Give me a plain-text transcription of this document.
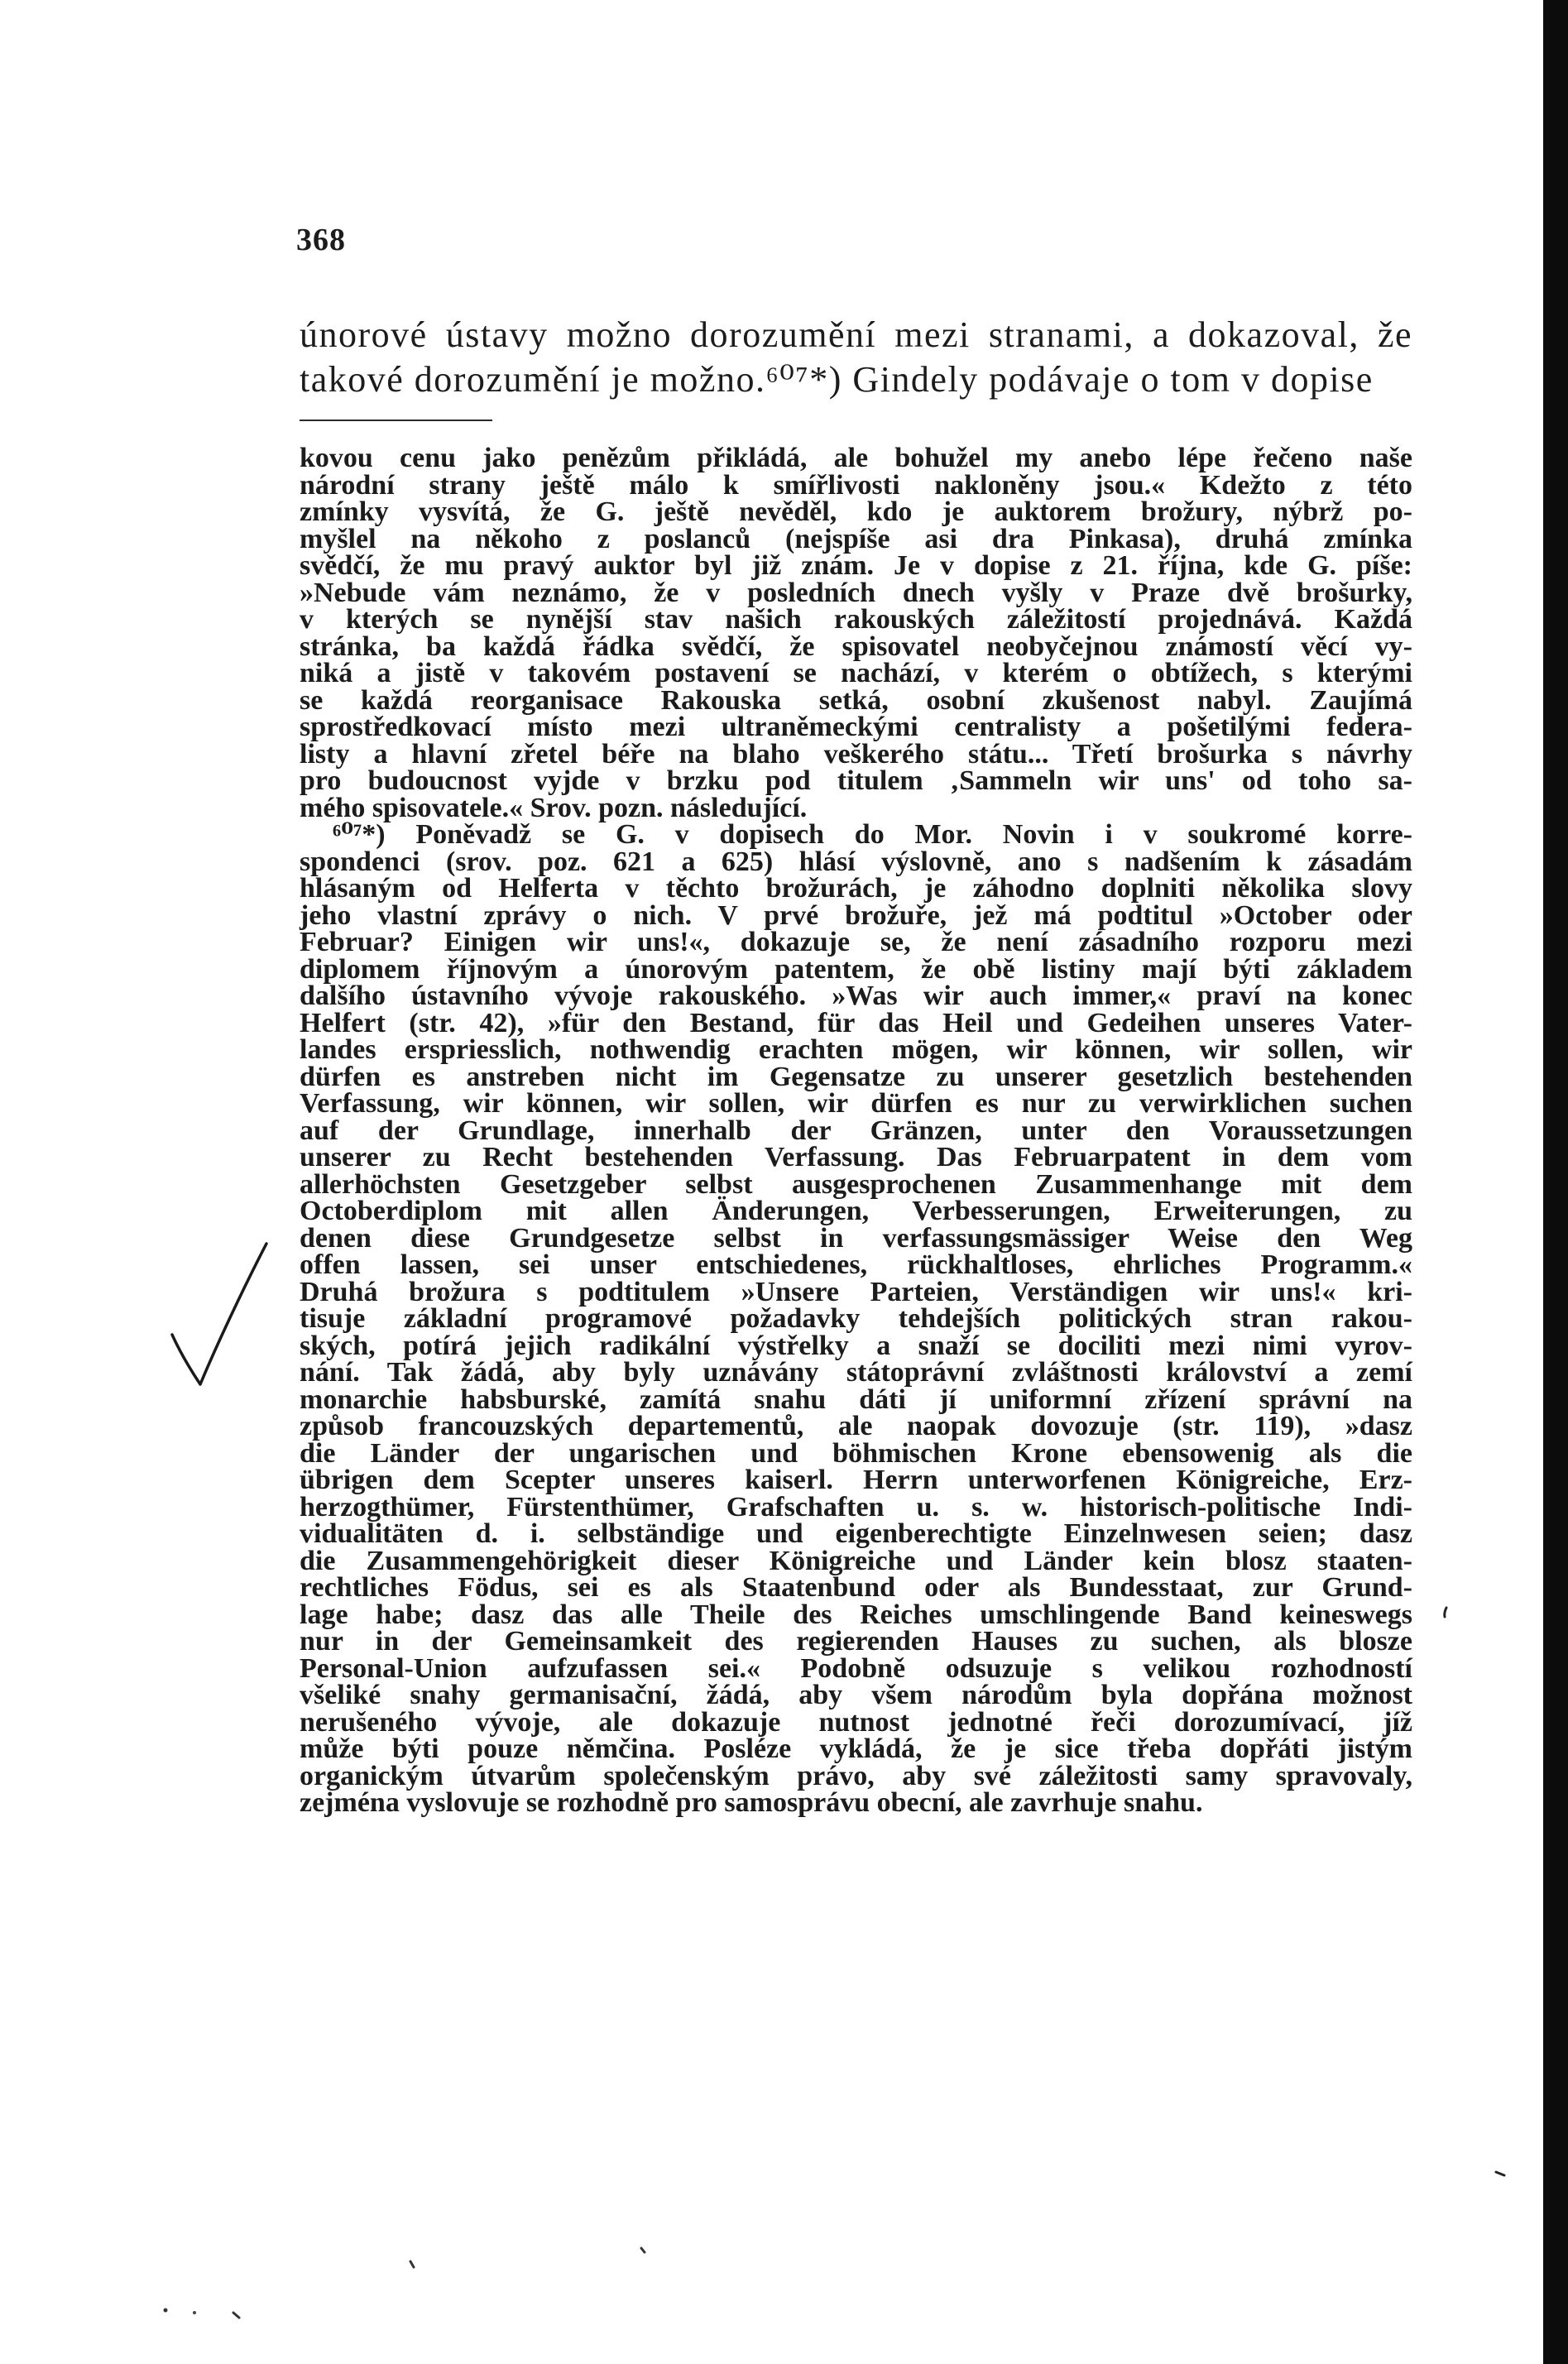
368
únorové ústavy možno dorozumění mezi stranami, a dokazoval, že
takové dorozumění je možno.⁶⁰⁷*) Gindely podávaje o tom v dopise
kovou cenu jako penězům přikládá, ale bohužel my anebo lépe řečeno naše
národní strany ještě málo k smířlivosti nakloněny jsou.« Kdežto z této
zmínky vysvítá, že G. ještě nevěděl, kdo je auktorem brožury, nýbrž po-
myšlel na někoho z poslanců (nejspíše asi dra Pinkasa), druhá zmínka
svědčí, že mu pravý auktor byl již znám. Je v dopise z 21. října, kde G. píše:
»Nebude vám neznámo, že v posledních dnech vyšly v Praze dvě brošurky,
v kterých se nynější stav našich rakouských záležitostí projednává. Každá
stránka, ba každá řádka svědčí, že spisovatel neobyčejnou známostí věcí vy-
niká a jistě v takovém postavení se nachází, v kterém o obtížech, s kterými
se každá reorganisace Rakouska setká, osobní zkušenost nabyl. Zaujímá
sprostředkovací místo mezi ultraněmeckými centralisty a pošetilými federa-
listy a hlavní zřetel béře na blaho veškerého státu... Třetí brošurka s návrhy
pro budoucnost vyjde v brzku pod titulem ‚Sammeln wir uns' od toho sa-
mého spisovatele.« Srov. pozn. následující.
⁶⁰⁷*) Poněvadž se G. v dopisech do Mor. Novin i v soukromé korre-
spondenci (srov. poz. 621 a 625) hlásí výslovně, ano s nadšením k zásadám
hlásaným od Helferta v těchto brožurách, je záhodno doplniti několika slovy
jeho vlastní zprávy o nich. V prvé brožuře, jež má podtitul »October oder
Februar? Einigen wir uns!«, dokazuje se, že není zásadního rozporu mezi
diplomem říjnovým a únorovým patentem, že obě listiny mají býti základem
dalšího ústavního vývoje rakouského. »Was wir auch immer,« praví na konec
Helfert (str. 42), »für den Bestand, für das Heil und Gedeihen unseres Vater-
landes erspriesslich, nothwendig erachten mögen, wir können, wir sollen, wir
dürfen es anstreben nicht im Gegensatze zu unserer gesetzlich bestehenden
Verfassung, wir können, wir sollen, wir dürfen es nur zu verwirklichen suchen
auf der Grundlage, innerhalb der Gränzen, unter den Voraussetzungen
unserer zu Recht bestehenden Verfassung. Das Februarpatent in dem vom
allerhöchsten Gesetzgeber selbst ausgesprochenen Zusammenhange mit dem
Octoberdiplom mit allen Änderungen, Verbesserungen, Erweiterungen, zu
denen diese Grundgesetze selbst in verfassungsmässiger Weise den Weg
offen lassen, sei unser entschiedenes, rückhaltloses, ehrliches Programm.«
Druhá brožura s podtitulem »Unsere Parteien, Verständigen wir uns!« kri-
tisuje základní programové požadavky tehdejších politických stran rakou-
ských, potírá jejich radikální výstřelky a snaží se dociliti mezi nimi vyrov-
nání. Tak žádá, aby byly uznávány státoprávní zvláštnosti království a zemí
monarchie habsburské, zamítá snahu dáti jí uniformní zřízení správní na
způsob francouzských departementů, ale naopak dovozuje (str. 119), »dasz
die Länder der ungarischen und böhmischen Krone ebensowenig als die
übrigen dem Scepter unseres kaiserl. Herrn unterworfenen Königreiche, Erz-
herzogthümer, Fürstenthümer, Grafschaften u. s. w. historisch-politische Indi-
vidualitäten d. i. selbständige und eigenberechtigte Einzelnwesen seien; dasz
die Zusammengehörigkeit dieser Königreiche und Länder kein blosz staaten-
rechtliches Födus, sei es als Staatenbund oder als Bundesstaat, zur Grund-
lage habe; dasz das alle Theile des Reiches umschlingende Band keineswegs
nur in der Gemeinsamkeit des regierenden Hauses zu suchen, als blosze
Personal-Union aufzufassen sei.« Podobně odsuzuje s velikou rozhodností
všeliké snahy germanisační, žádá, aby všem národům byla dopřána možnost
nerušeného vývoje, ale dokazuje nutnost jednotné řeči dorozumívací, jíž
může býti pouze němčina. Posléze vykládá, že je sice třeba dopřáti jistým
organickým útvarům společenským právo, aby své záležitosti samy spravovaly,
zejména vyslovuje se rozhodně pro samosprávu obecní, ale zavrhuje snahu.
